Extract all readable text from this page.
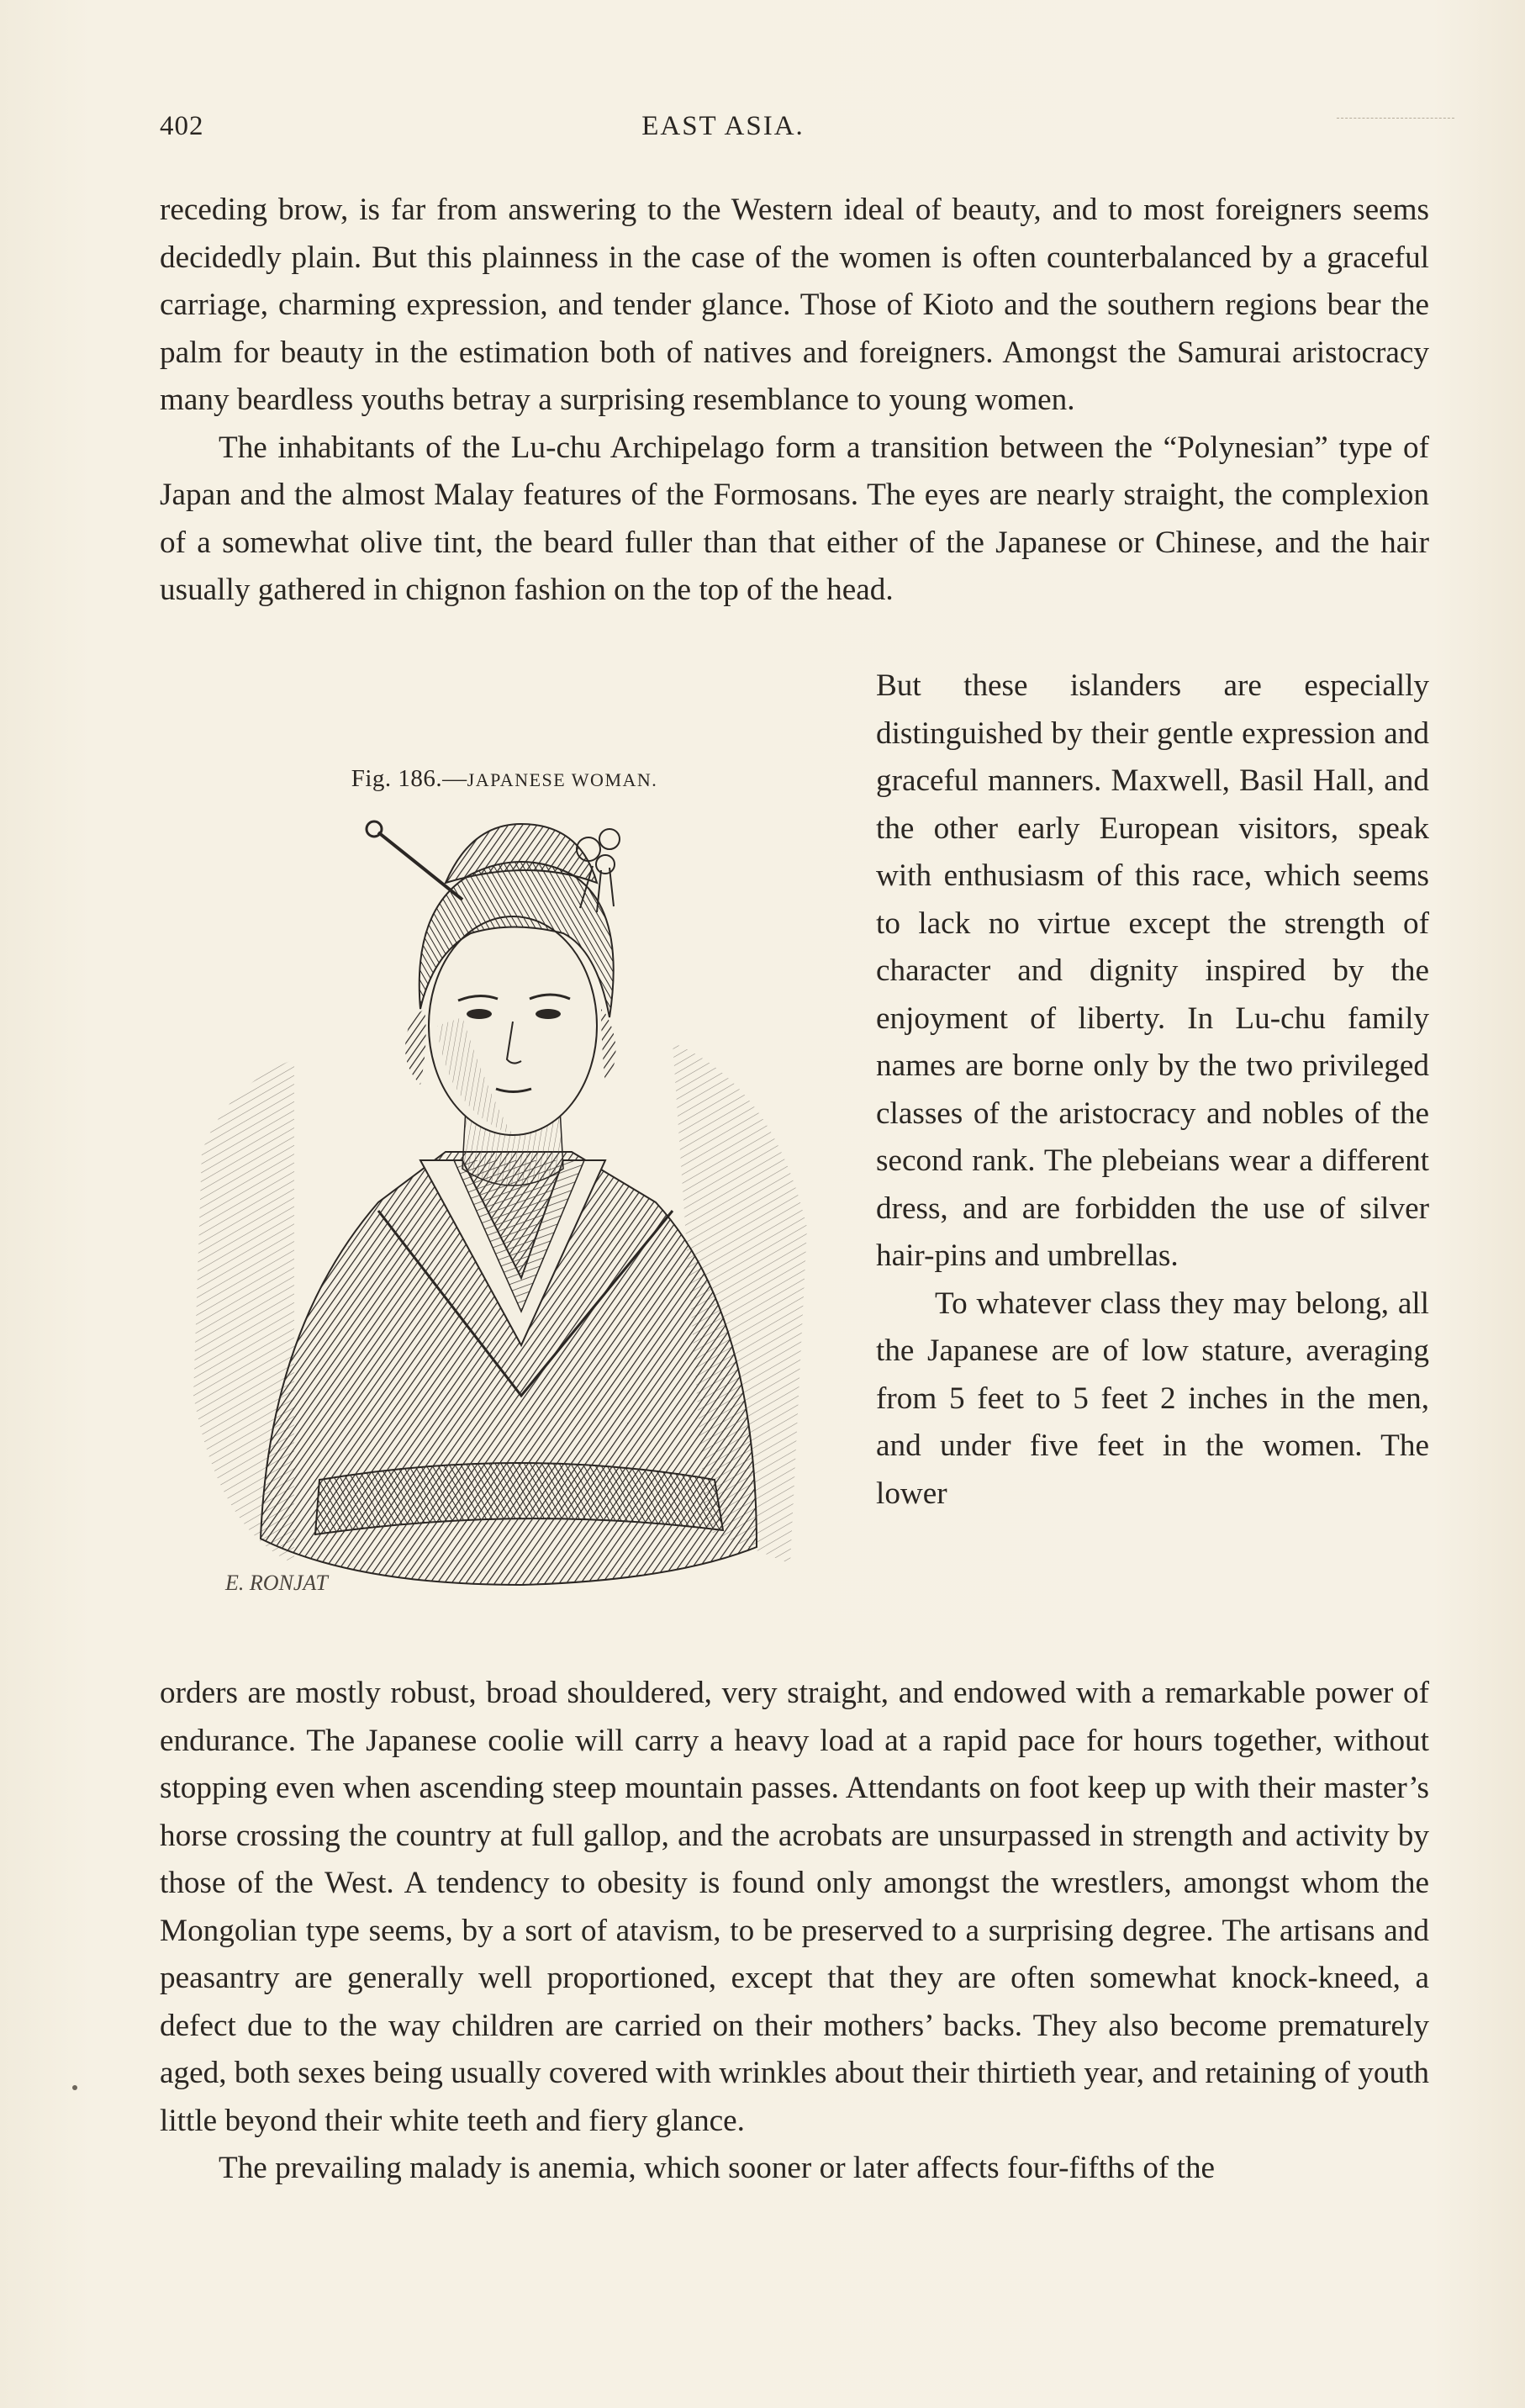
402	EAST ASIA.

receding brow, is far from answering to the Western ideal of beauty, and to most foreigners seems decidedly plain. But this plainness in the case of the women is often counterbalanced by a graceful carriage, charming expression, and tender glance. Those of Kioto and the southern regions bear the palm for beauty in the estimation both of natives and foreigners. Amongst the Samurai aristocracy many beardless youths betray a surprising resemblance to young women.

The inhabitants of the Lu-chu Archipelago form a transition between the “Polynesian” type of Japan and the almost Malay features of the Formosans. The eyes are nearly straight, the complexion of a somewhat olive tint, the beard fuller than that either of the Japanese or Chinese, and the hair usually gathered in chignon fashion on the top of the head.

Fig. 186.—JAPANESE WOMAN.
E. RONJAT

But these islanders are especially distinguished by their gentle expression and graceful manners. Maxwell, Basil Hall, and the other early European visitors, speak with enthusiasm of this race, which seems to lack no virtue except the strength of character and dignity inspired by the enjoyment of liberty. In Lu-chu family names are borne only by the two privileged classes of the aristocracy and nobles of the second rank. The plebeians wear a different dress, and are forbidden the use of silver hair-pins and umbrellas.

To whatever class they may belong, all the Japanese are of low stature, averaging from 5 feet to 5 feet 2 inches in the men, and under five feet in the women. The lower

orders are mostly robust, broad shouldered, very straight, and endowed with a remarkable power of endurance. The Japanese coolie will carry a heavy load at a rapid pace for hours together, without stopping even when ascending steep mountain passes. Attendants on foot keep up with their master’s horse crossing the country at full gallop, and the acrobats are unsurpassed in strength and activity by those of the West. A tendency to obesity is found only amongst the wrestlers, amongst whom the Mongolian type seems, by a sort of atavism, to be preserved to a surprising degree. The artisans and peasantry are generally well proportioned, except that they are often somewhat knock-kneed, a defect due to the way children are carried on their mothers’ backs. They also become prematurely aged, both sexes being usually covered with wrinkles about their thirtieth year, and retaining of youth little beyond their white teeth and fiery glance.

The prevailing malady is anemia, which sooner or later affects four-fifths of the
